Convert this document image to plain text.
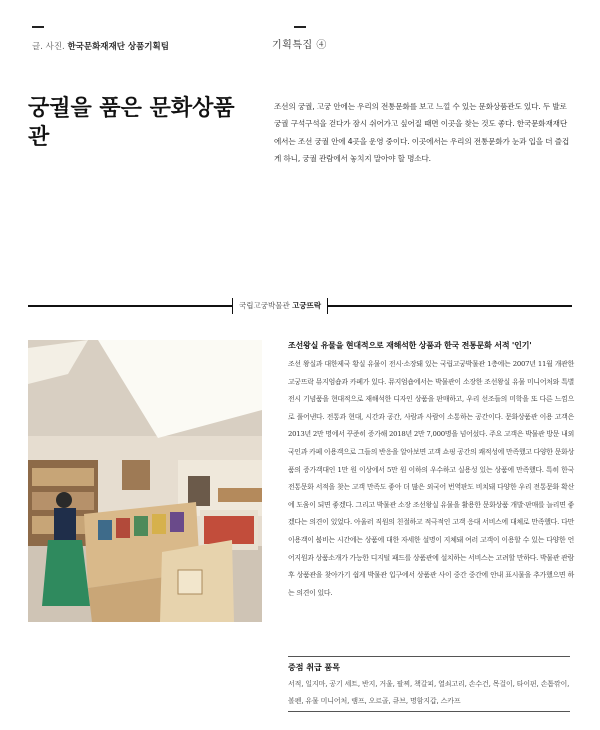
글. 사진. 한국문화재재단 상품기획팀	기획특집 ④
궁궐을 품은 문화상품관

조선의 궁궐, 고궁 안에는 우리의 전통문화를 보고 느낄 수 있는 문화상품관도 있다. 두 발로 궁궐 구석구석을 걷다가 잠시 쉬어가고 싶어질 때면 이곳을 찾는 것도 좋다. 한국문화재재단에서는 조선 궁궐 안에 4곳을 운영 중이다. 이곳에서는 우리의 전통문화가 눈과 입을 더 즐겁게 하니, 궁궐 관람에서 놓치지 말아야 할 명소다.

국립고궁박물관 고궁뜨락

조선왕실 유물을 현대적으로 재해석한 상품과 한국 전통문화 서적 '인기'

조선 왕실과 대한제국 황실 유물이 전시·소장돼 있는 국립고궁박물관 1층에는 2007년 11월 개관한 고궁뜨락 뮤지엄숍과 카페가 있다. 뮤지엄숍에서는 박물관이 소장한 조선왕실 유물 미니어처와 특별전시 기념품을 현대적으로 재해석한 디자인 상품을 판매하고, 우리 선조들의 미학을 또 다른 느낌으로 풀어낸다. 전통과 현대, 시간과 공간, 사람과 사람이 소통하는 공간이다. 문화상품관 이용 고객은 2013년 2만 명에서 꾸준히 증가해 2018년 2만 7,000명을 넘어섰다. 주요 고객은 박물관 방문 내외국인과 카페 이용객으로 그들의 반응을 알아보면 고객 쇼핑 공간의 쾌적성에 만족했고 다양한 문화상품의 증가객대인 1만 원 이상에서 5만 원 이하의 우수하고 실용성 있는 상품에 만족했다. 특히 한국 전통문화 서적을 찾는 고객 만족도 좋아 더 많은 외국어 번역판도 비치돼 다양한 우리 전통문화 확산에 도움이 되면 좋겠다. 그리고 박물관 소장 조선왕실 유물을 활용한 문화상품 개발·판매를 늘리면 좋겠다는 의견이 있었다. 아울러 직원의 친절하고 적극적인 고객 응대 서비스에 대체로 만족했다. 다만 이용객이 붐비는 시간에는 상품에 대한 자세한 설명이 지체돼 여러 고객이 이용할 수 있는 다양한 언어지원과 상품소개가 가능한 디지털 패드를 상품관에 설치하는 서비스는 고려할 만하다. 박물관 관람 후 상품관을 찾아가기 쉽게 박물관 입구에서 상품관 사이 중간 중간에 안내 표시물을 추가했으면 하는 의견이 있다.

중점 취급 품목

서적, 일지마, 공기 세트, 반지, 거울, 팔찌, 책갈피, 열쇠고리, 손수건, 목걸이, 타이핀, 손톱깎이, 볼펜, 유물 미니어처, 램프, 오르골, 큐브, 명함지갑, 스카프
